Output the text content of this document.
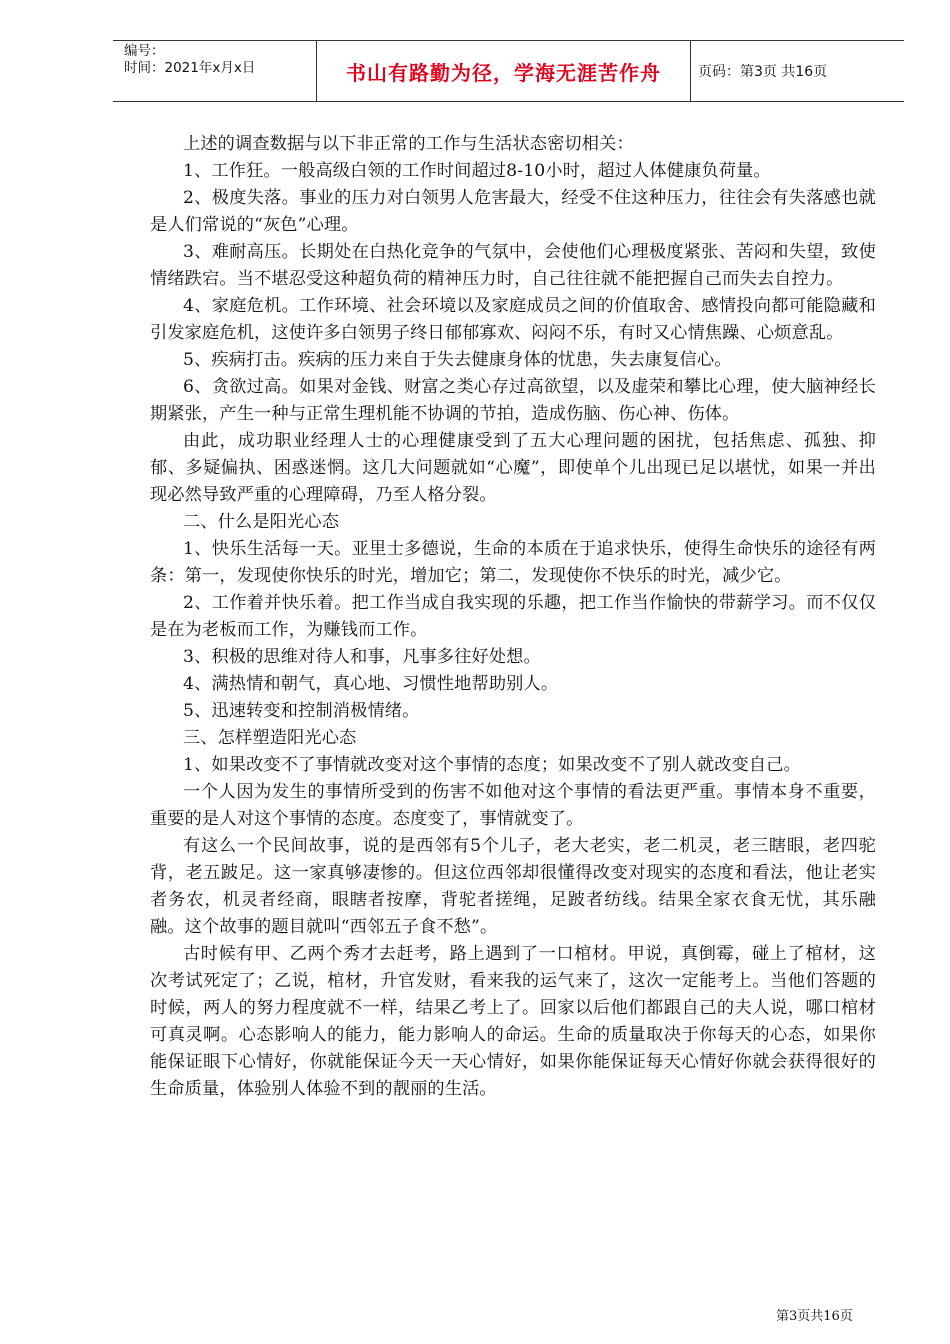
编号：
时间：2021年x月x日	书山有路勤为径，学海无涯苦作舟	页码：第3页 共16页

上述的调查数据与以下非正常的工作与生活状态密切相关：

1、工作狂。一般高级白领的工作时间超过8-10小时，超过人体健康负荷量。

2、极度失落。事业的压力对白领男人危害最大，经受不住这种压力，往往会有失落感也就是人们常说的“灰色”心理。

3、难耐高压。长期处在白热化竞争的气氛中，会使他们心理极度紧张、苦闷和失望，致使情绪跌宕。当不堪忍受这种超负荷的精神压力时，自己往往就不能把握自己而失去自控力。

4、家庭危机。工作环境、社会环境以及家庭成员之间的价值取舍、感情投向都可能隐藏和引发家庭危机，这使许多白领男子终日郁郁寡欢、闷闷不乐，有时又心情焦躁、心烦意乱。

5、疾病打击。疾病的压力来自于失去健康身体的忧患，失去康复信心。

6、贪欲过高。如果对金钱、财富之类心存过高欲望，以及虚荣和攀比心理，使大脑神经长期紧张，产生一种与正常生理机能不协调的节拍，造成伤脑、伤心神、伤体。

由此，成功职业经理人士的心理健康受到了五大心理问题的困扰，包括焦虑、孤独、抑郁、多疑偏执、困惑迷惘。这几大问题就如“心魔”，即使单个儿出现已足以堪忧，如果一并出现必然导致严重的心理障碍，乃至人格分裂。

二、什么是阳光心态

1、快乐生活每一天。亚里士多德说，生命的本质在于追求快乐，使得生命快乐的途径有两条：第一，发现使你快乐的时光，增加它；第二，发现使你不快乐的时光，减少它。

2、工作着并快乐着。把工作当成自我实现的乐趣，把工作当作愉快的带薪学习。而不仅仅是在为老板而工作，为赚钱而工作。

3、积极的思维对待人和事，凡事多往好处想。

4、满热情和朝气，真心地、习惯性地帮助别人。

5、迅速转变和控制消极情绪。

三、怎样塑造阳光心态

1、如果改变不了事情就改变对这个事情的态度；如果改变不了别人就改变自己。

一个人因为发生的事情所受到的伤害不如他对这个事情的看法更严重。事情本身不重要，重要的是人对这个事情的态度。态度变了，事情就变了。

有这么一个民间故事，说的是西邻有5个儿子，老大老实，老二机灵，老三瞎眼，老四驼背，老五跛足。这一家真够凄惨的。但这位西邻却很懂得改变对现实的态度和看法，他让老实者务农，机灵者经商，眼瞎者按摩，背驼者搓绳，足跛者纺线。结果全家衣食无忧，其乐融融。这个故事的题目就叫“西邻五子食不愁”。

古时候有甲、乙两个秀才去赶考，路上遇到了一口棺材。甲说，真倒霉，碰上了棺材，这次考试死定了；乙说，棺材，升官发财，看来我的运气来了，这次一定能考上。当他们答题的时候，两人的努力程度就不一样，结果乙考上了。回家以后他们都跟自己的夫人说，哪口棺材可真灵啊。心态影响人的能力，能力影响人的命运。生命的质量取决于你每天的心态，如果你能保证眼下心情好，你就能保证今天一天心情好，如果你能保证每天心情好你就会获得很好的生命质量，体验别人体验不到的靓丽的生活。

第3页共16页
